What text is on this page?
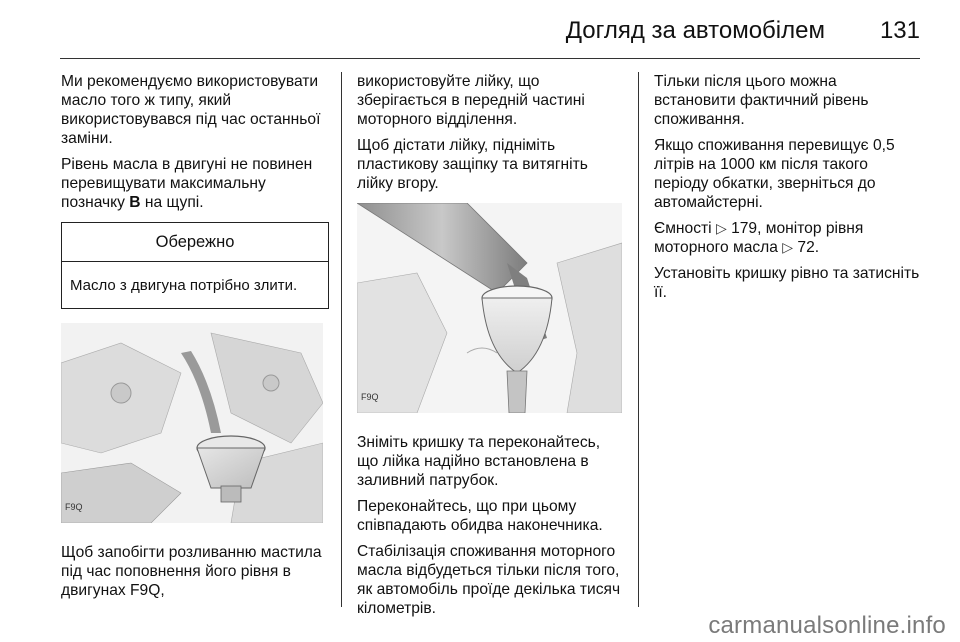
Догляд за автомобілем 131

Ми рекомендуємо використовувати масло того ж типу, який використовувався під час останньої заміни.

Рівень масла в двигуні не повинен перевищувати максимальну позначку B на щупі.

Обережно
Масло з двигуна потрібно злити.
F9Q

Щоб запобігти розливанню мастила під час поповнення його рівня в двигунах F9Q,

використовуйте лійку, що зберігається в передній частині моторного відділення.

Щоб дістати лійку, підніміть пластикову защіпку та витягніть лійку вгору.

F9Q

Зніміть кришку та переконайтесь, що лійка надійно встановлена в заливний патрубок.

Переконайтесь, що при цьому співпадають обидва наконечника.

Стабілізація споживання моторного масла відбудеться тільки після того, як автомобіль проїде декілька тисяч кілометрів.

Тільки після цього можна встановити фактичний рівень споживання.

Якщо споживання перевищує 0,5 літрів на 1000 км після такого періоду обкатки, зверніться до автомайстерні.

Ємності ▷ 179, монітор рівня моторного масла ▷ 72.

Установіть кришку рівно та затисніть її.

carmanualsonline.info
